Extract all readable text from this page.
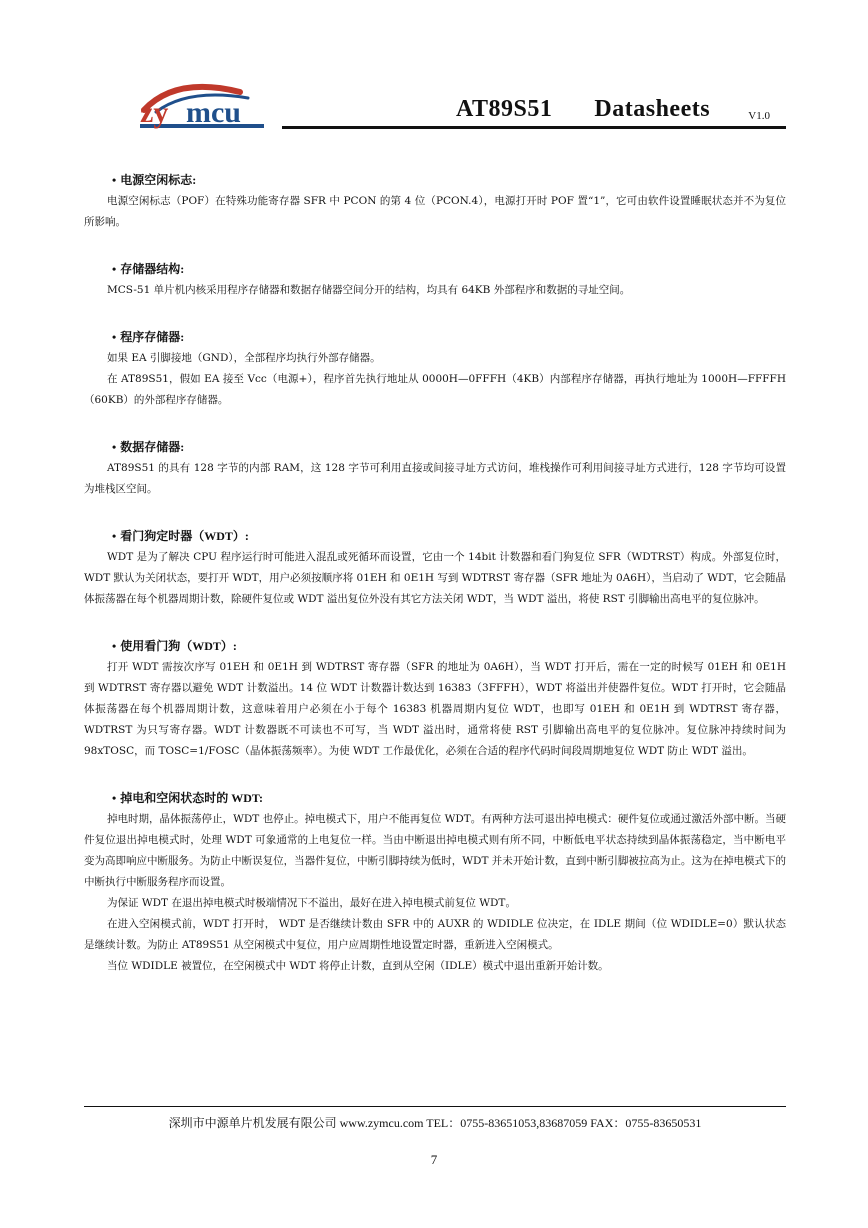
zy mcu	AT89S51 Datasheets	V1.0
• 电源空闲标志:

电源空闲标志（POF）在特殊功能寄存器 SFR 中 PCON 的第 4 位（PCON.4），电源打开时 POF 置“1”，它可由软件设置睡眠状态并不为复位所影响。

• 存储器结构:

MCS-51 单片机内核采用程序存储器和数据存储器空间分开的结构，均具有 64KB 外部程序和数据的寻址空间。

• 程序存储器:

如果 EA 引脚接地（GND），全部程序均执行外部存储器。

在 AT89S51，假如 EA 接至 Vcc（电源+），程序首先执行地址从 0000H—0FFFH（4KB）内部程序存储器，再执行地址为 1000H—FFFFH（60KB）的外部程序存储器。

• 数据存储器:

AT89S51 的具有 128 字节的内部 RAM，这 128 字节可利用直接或间接寻址方式访问，堆栈操作可利用间接寻址方式进行，128 字节均可设置为堆栈区空间。

• 看门狗定时器（WDT）:

WDT 是为了解决 CPU 程序运行时可能进入混乱或死循环而设置，它由一个 14bit 计数器和看门狗复位 SFR（WDTRST）构成。外部复位时，WDT 默认为关闭状态，要打开 WDT，用户必须按顺序将 01EH 和 0E1H 写到 WDTRST 寄存器（SFR 地址为 0A6H），当启动了 WDT，它会随晶体振荡器在每个机器周期计数，除硬件复位或 WDT 溢出复位外没有其它方法关闭 WDT，当 WDT 溢出，将使 RST 引脚输出高电平的复位脉冲。

• 使用看门狗（WDT）:

打开 WDT 需按次序写 01EH 和 0E1H 到 WDTRST 寄存器（SFR 的地址为 0A6H），当 WDT 打开后，需在一定的时候写 01EH 和 0E1H 到 WDTRST 寄存器以避免 WDT 计数溢出。14 位 WDT 计数器计数达到 16383（3FFFH），WDT 将溢出并使器件复位。WDT 打开时，它会随晶体振荡器在每个机器周期计数，这意味着用户必须在小于每个 16383 机器周期内复位 WDT，也即写 01EH 和 0E1H 到 WDTRST 寄存器，WDTRST 为只写寄存器。WDT 计数器既不可读也不可写，当 WDT 溢出时，通常将使 RST 引脚输出高电平的复位脉冲。复位脉冲持续时间为 98xTOSC，而 TOSC=1/FOSC（晶体振荡频率）。为使 WDT 工作最优化，必须在合适的程序代码时间段周期地复位 WDT 防止 WDT 溢出。

• 掉电和空闲状态时的 WDT:

掉电时期，晶体振荡停止，WDT 也停止。掉电模式下，用户不能再复位 WDT。有两种方法可退出掉电模式：硬件复位或通过激活外部中断。当硬件复位退出掉电模式时，处理 WDT 可象通常的上电复位一样。当由中断退出掉电模式则有所不同，中断低电平状态持续到晶体振荡稳定，当中断电平变为高即响应中断服务。为防止中断误复位，当器件复位，中断引脚持续为低时，WDT 并未开始计数，直到中断引脚被拉高为止。这为在掉电模式下的中断执行中断服务程序而设置。

为保证 WDT 在退出掉电模式时极端情况下不溢出，最好在进入掉电模式前复位 WDT。

在进入空闲模式前，WDT 打开时， WDT 是否继续计数由 SFR 中的 AUXR 的 WDIDLE 位决定，在 IDLE 期间（位 WDIDLE=0）默认状态是继续计数。为防止 AT89S51 从空闲模式中复位，用户应周期性地设置定时器，重新进入空闲模式。

当位 WDIDLE 被置位，在空闲模式中 WDT 将停止计数，直到从空闲（IDLE）模式中退出重新开始计数。

深圳市中源单片机发展有限公司 www.zymcu.com TEL：0755-83651053,83687059 FAX：0755-83650531
7
